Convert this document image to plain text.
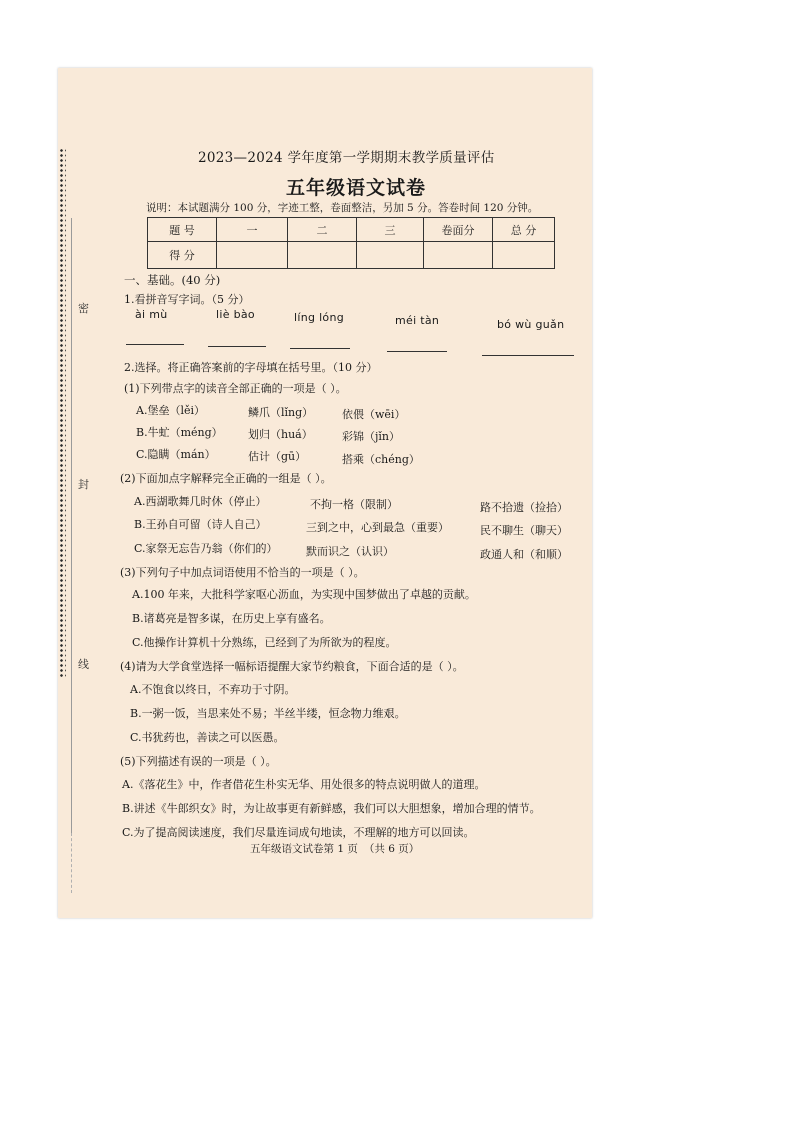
密
封
线
2023—2024 学年度第一学期期末教学质量评估
五年级语文试卷
说明：本试题满分 100 分，字迹工整，卷面整洁，另加 5 分。答卷时间 120 分钟。
题 号	一	二	三	卷面分	总 分
得 分					
一、基础。(40 分)
1.看拼音写字词。（5 分）
ài mù	liè bào	líng lóng	méi tàn	bó wù guǎn
2.选择。将正确答案前的字母填在括号里。（10 分）
(1)下列带点字的读音全部正确的一项是（ ）。
A.堡垒（lěi）	鳞爪（lǐng）	依偎（wēi）
B.牛虻（méng） 划归（huá）	彩锦（jǐn）
C.隐瞒（mán）	估计（gū）	搭乘（chéng）
(2)下面加点字解释完全正确的一组是（ ）。
A.西湖歌舞几时休（停止）	不拘一格（限制）	路不拾遗（捡拾）
B.王孙自可留（诗人自己）	三到之中，心到最急（重要）	民不聊生（聊天）
C.家祭无忘告乃翁（你们的）	默而识之（认识）	政通人和（和顺）
(3)下列句子中加点词语使用不恰当的一项是（ ）。
A.100 年来，大批科学家呕心沥血，为实现中国梦做出了卓越的贡献。
B.诸葛亮是智多谋，在历史上享有盛名。
C.他操作计算机十分熟练，已经到了为所欲为的程度。
(4)请为大学食堂选择一幅标语提醒大家节约粮食，下面合适的是（ ）。
A.不饱食以终日，不弃功于寸阴。
B.一粥一饭，当思来处不易；半丝半缕，恒念物力维艰。
C.书犹药也，善读之可以医愚。
(5)下列描述有误的一项是（ ）。
A.《落花生》中，作者借花生朴实无华、用处很多的特点说明做人的道理。
B.讲述《牛郎织女》时，为让故事更有新鲜感，我们可以大胆想象，增加合理的情节。
C.为了提高阅读速度，我们尽量连词成句地读，不理解的地方可以回读。
五年级语文试卷第 1 页 （共 6 页）
